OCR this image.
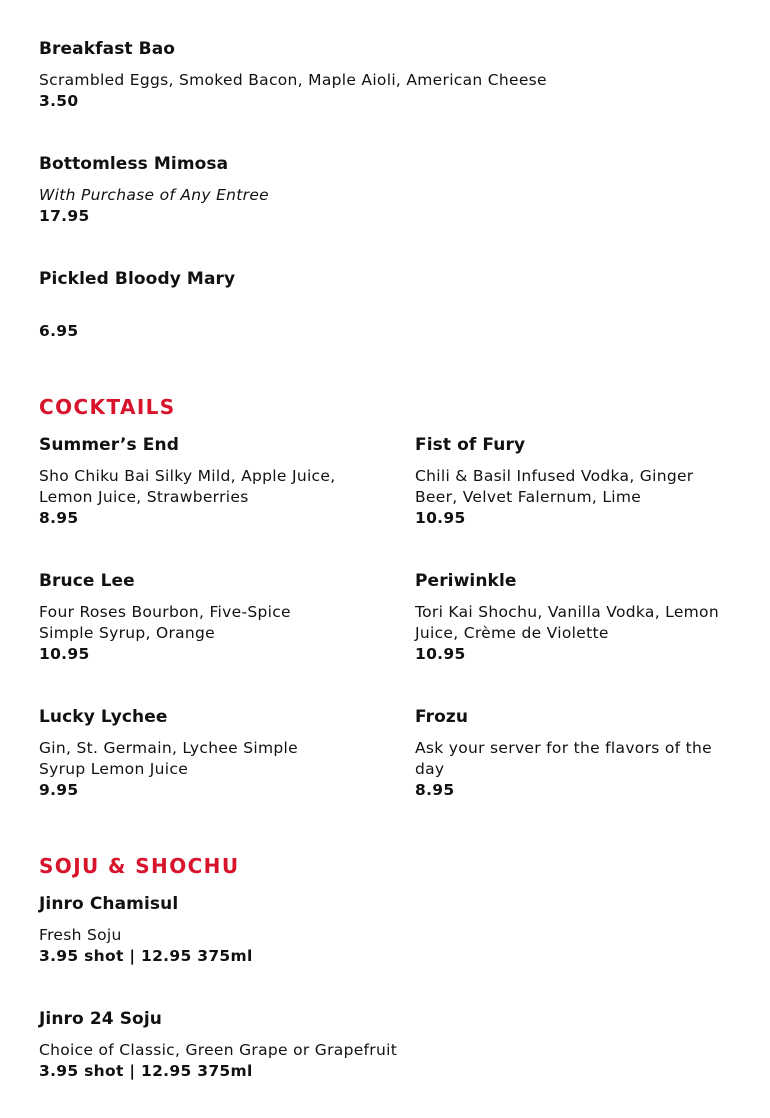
Breakfast Bao

Scrambled Eggs, Smoked Bacon, Maple Aioli, American Cheese

3.50

Bottomless Mimosa

With Purchase of Any Entree

17.95

Pickled Bloody Mary

6.95

COCKTAILS

Summer’s End

Sho Chiku Bai Silky Mild, Apple Juice, Lemon Juice, Strawberries

8.95

Bruce Lee

Four Roses Bourbon, Five-Spice Simple Syrup, Orange

10.95

Lucky Lychee

Gin, St. Germain, Lychee Simple Syrup Lemon Juice

9.95

Fist of Fury

Chili & Basil Infused Vodka, Ginger Beer, Velvet Falernum, Lime

10.95

Periwinkle

Tori Kai Shochu, Vanilla Vodka, Lemon Juice, Crème de Violette

10.95

Frozu

Ask your server for the flavors of the day

8.95

SOJU & SHOCHU

Jinro Chamisul

Fresh Soju

3.95 shot | 12.95 375ml

Jinro 24 Soju

Choice of Classic, Green Grape or Grapefruit

3.95 shot | 12.95 375ml
